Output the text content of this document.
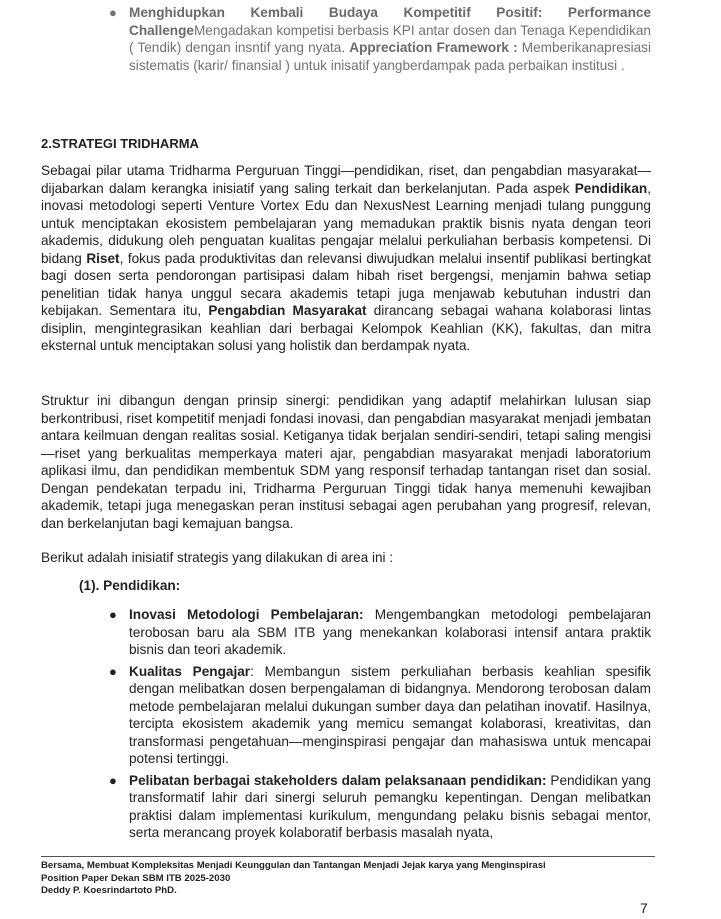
● Menghidupkan Kembali Budaya Kompetitif Positif: Performance ChallengeMengadakan kompetisi berbasis KPI antar dosen dan Tenaga Kependidikan ( Tendik) dengan insntif yang nyata. Appreciation Framework : Memberikanapresiasi sistematis (karir/ finansial ) untuk inisatif yangberdampak pada perbaikan institusi .
2.STRATEGI TRIDHARMA

Sebagai pilar utama Tridharma Perguruan Tinggi—pendidikan, riset, dan pengabdian masyarakat—dijabarkan dalam kerangka inisiatif yang saling terkait dan berkelanjutan. Pada aspek Pendidikan, inovasi metodologi seperti Venture Vortex Edu dan NexusNest Learning menjadi tulang punggung untuk menciptakan ekosistem pembelajaran yang memadukan praktik bisnis nyata dengan teori akademis, didukung oleh penguatan kualitas pengajar melalui perkuliahan berbasis kompetensi. Di bidang Riset, fokus pada produktivitas dan relevansi diwujudkan melalui insentif publikasi bertingkat bagi dosen serta pendorongan partisipasi dalam hibah riset bergengsi, menjamin bahwa setiap penelitian tidak hanya unggul secara akademis tetapi juga menjawab kebutuhan industri dan kebijakan. Sementara itu, Pengabdian Masyarakat dirancang sebagai wahana kolaborasi lintas disiplin, mengintegrasikan keahlian dari berbagai Kelompok Keahlian (KK), fakultas, dan mitra eksternal untuk menciptakan solusi yang holistik dan berdampak nyata.

Struktur ini dibangun dengan prinsip sinergi: pendidikan yang adaptif melahirkan lulusan siap berkontribusi, riset kompetitif menjadi fondasi inovasi, dan pengabdian masyarakat menjadi jembatan antara keilmuan dengan realitas sosial. Ketiganya tidak berjalan sendiri-sendiri, tetapi saling mengisi—riset yang berkualitas memperkaya materi ajar, pengabdian masyarakat menjadi laboratorium aplikasi ilmu, dan pendidikan membentuk SDM yang responsif terhadap tantangan riset dan sosial. Dengan pendekatan terpadu ini, Tridharma Perguruan Tinggi tidak hanya memenuhi kewajiban akademik, tetapi juga menegaskan peran institusi sebagai agen perubahan yang progresif, relevan, dan berkelanjutan bagi kemajuan bangsa.

Berikut adalah inisiatif strategis yang dilakukan di area ini :

(1). Pendidikan:
● Inovasi Metodologi Pembelajaran: Mengembangkan metodologi pembelajaran terobosan baru ala SBM ITB yang menekankan kolaborasi intensif antara praktik bisnis dan teori akademik.
● Kualitas Pengajar: Membangun sistem perkuliahan berbasis keahlian spesifik dengan melibatkan dosen berpengalaman di bidangnya. Mendorong terobosan dalam metode pembelajaran melalui dukungan sumber daya dan pelatihan inovatif. Hasilnya, tercipta ekosistem akademik yang memicu semangat kolaborasi, kreativitas, dan transformasi pengetahuan—menginspirasi pengajar dan mahasiswa untuk mencapai potensi tertinggi.
● Pelibatan berbagai stakeholders dalam pelaksanaan pendidikan: Pendidikan yang transformatif lahir dari sinergi seluruh pemangku kepentingan. Dengan melibatkan praktisi dalam implementasi kurikulum, mengundang pelaku bisnis sebagai mentor, serta merancang proyek kolaboratif berbasis masalah nyata,
Bersama, Membuat Kompleksitas Menjadi Keunggulan dan Tantangan Menjadi Jejak karya yang Menginspirasi
Position Paper Dekan SBM ITB 2025-2030
Deddy P. Koesrindartoto PhD.
7
